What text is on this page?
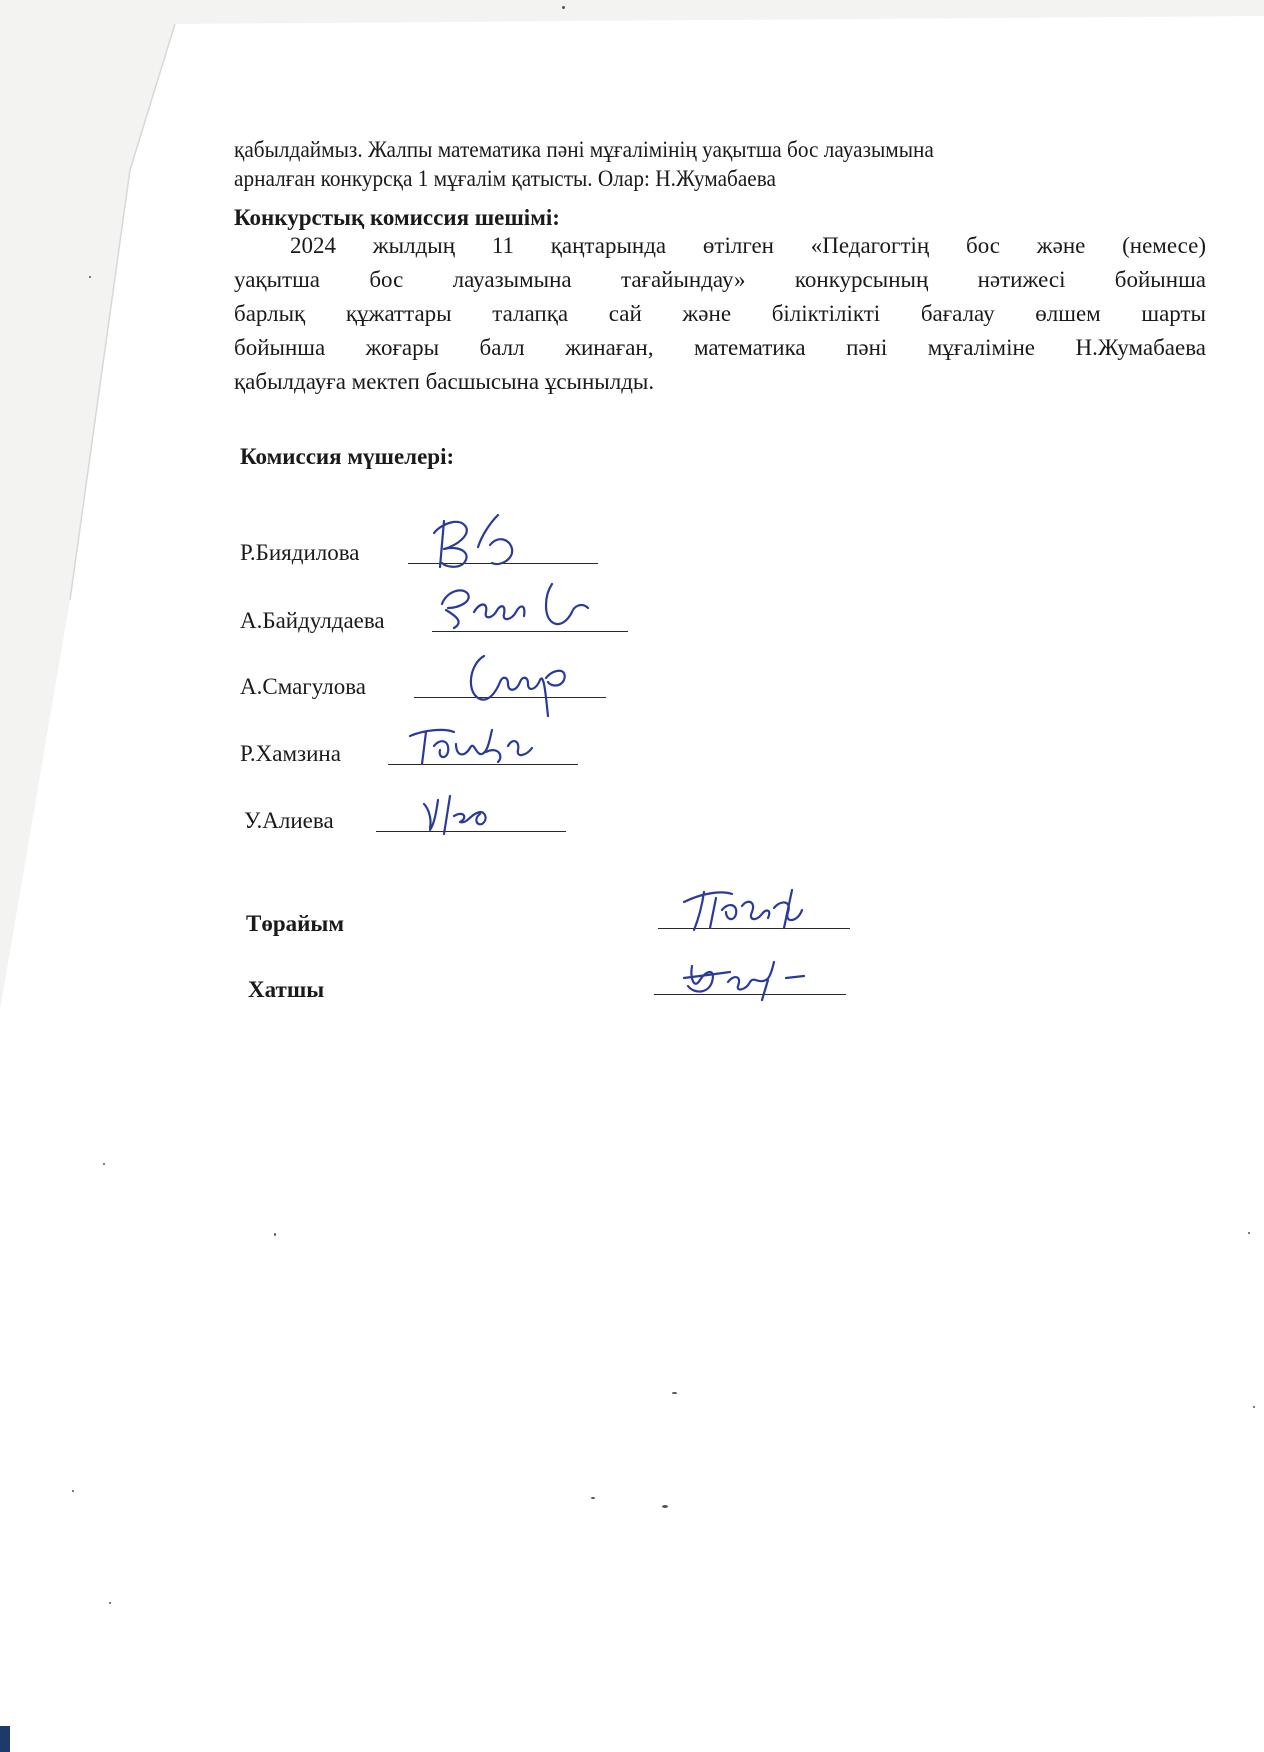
қабылдаймыз. Жалпы математика пәні мұғалімінің уақытша бос лауазымына
арналған конкурсқа 1 мұғалім қатысты. Олар: Н.Жумабаева
Конкурстық комиссия шешімі:
2024 жылдың 11 қаңтарында өтілген «Педагогтің бос және (немесе)
уақытша бос лауазымына тағайындау» конкурсының нәтижесі бойынша
барлық құжаттары талапқа сай және біліктілікті бағалау өлшем шарты
бойынша жоғары балл жинаған, математика пәні мұғаліміне Н.Жумабаева
қабылдауға мектеп басшысына ұсынылды.
Комиссия мүшелері:
Р.Биядилова
А.Байдулдаева
А.Смагулова
Р.Хамзина
У.Алиева
Төрайым
Хатшы
